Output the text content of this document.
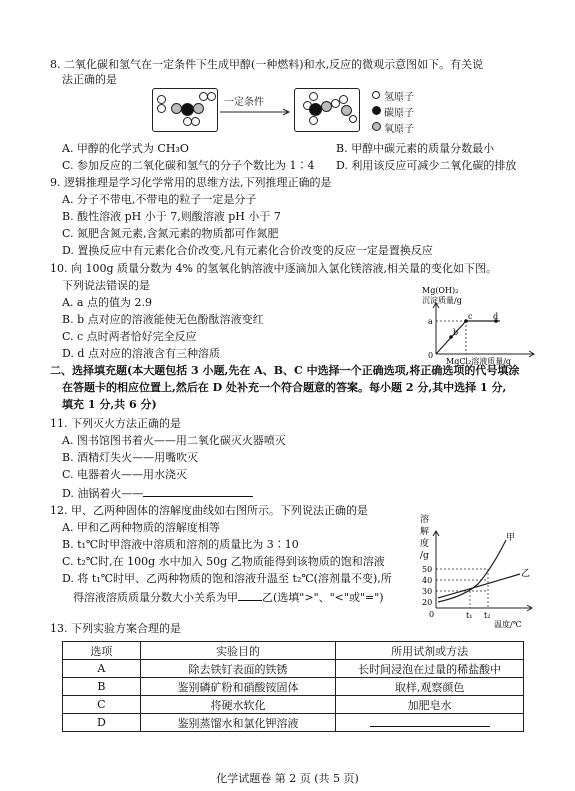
8. 二氧化碳和氢气在一定条件下生成甲醇(一种燃料)和水,反应的微观示意图如下。有关说
法正确的是
一定条件	氢原子
碳原子
氧原子
A. 甲醇的化学式为 CH₃O	B. 甲醇中碳元素的质量分数最小
C. 参加反应的二氧化碳和氢气的分子个数比为 1∶4 D. 利用该反应可减少二氧化碳的排放
9. 逻辑推理是学习化学常用的思维方法,下列推理正确的是
A. 分子不带电,不带电的粒子一定是分子
B. 酸性溶液 pH 小于 7,则酸溶液 pH 小于 7
C. 氮肥含氮元素,含氮元素的物质都可作氮肥
D. 置换反应中有元素化合价改变,凡有元素化合价改变的反应一定是置换反应
10. 向 100g 质量分数为 4% 的氢氧化钠溶液中逐滴加入氯化镁溶液,相关量的变化如下图。
下列说法错误的是
A. a 点的值为 2.9
B. b 点对应的溶液能使无色酚酞溶液变红
C. c 点时两者恰好完全反应
D. d 点对应的溶液含有三种溶质
Mg(OH)₂
沉淀质量/g
0
a
b
c	d
MgCl₂溶液质量/g
二、选择填充题(本大题包括 3 小题,先在 A、B、C 中选择一个正确选项,将正确选项的代号填涂
在答题卡的相应位置上,然后在 D 处补充一个符合题意的答案。每小题 2 分,其中选择 1 分,
填充 1 分,共 6 分)
11. 下列灭火方法正确的是
A. 图书馆图书着火——用二氧化碳灭火器喷灭
B. 酒精灯失火——用嘴吹灭
C. 电器着火——用水浇灭
D. 油锅着火——
12. 甲、乙两种固体的溶解度曲线如右图所示。下列说法正确的是
A. 甲和乙两种物质的溶解度相等
B. t₁℃时甲溶液中溶质和溶剂的质量比为 3∶10
C. t₂℃时,在 100g 水中加入 50g 乙物质能得到该物质的饱和溶液
D. 将 t₁℃时甲、乙两种物质的饱和溶液升温至 t₂℃(溶剂量不变),所
得溶液溶质质量分数大小关系为甲 乙(选填">"、"<"或"=")
溶
解
度
/g
50
40
30
20
0	t₁ t₂
甲
乙
温度/℃
13. 下列实验方案合理的是
选项	实验目的	所用试剂或方法
A	除去铁钉表面的铁锈	长时间浸泡在过量的稀盐酸中
B	鉴别磷矿粉和硝酸铵固体	取样,观察颜色
C	将硬水软化	加肥皂水
D	鉴别蒸馏水和氯化钾溶液	
化学试题卷 第 2 页 (共 5 页)
